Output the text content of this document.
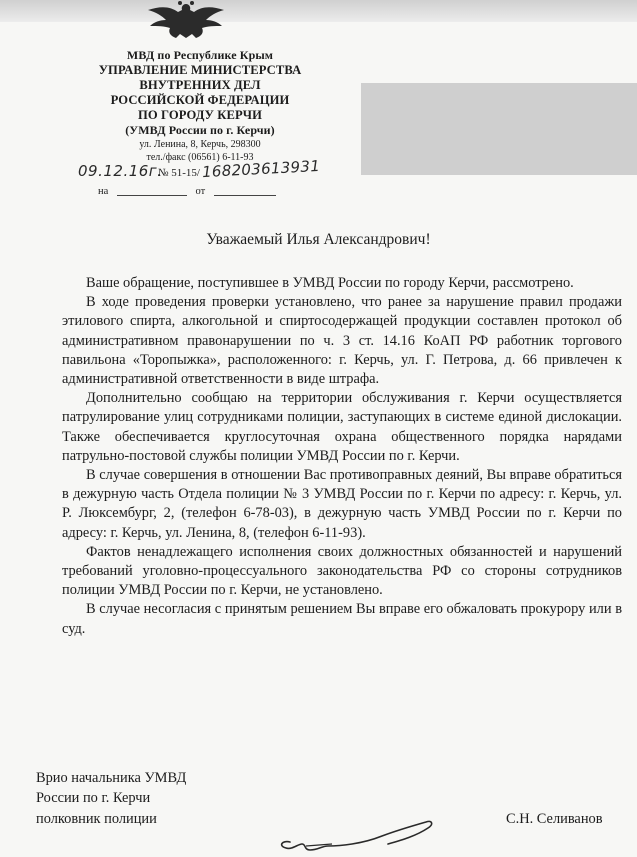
МВД по Республике Крым
УПРАВЛЕНИЕ МИНИСТЕРСТВА
ВНУТРЕННИХ ДЕЛ
РОССИЙСКОЙ ФЕДЕРАЦИИ
ПО ГОРОДУ КЕРЧИ
(УМВД России по г. Керчи)
ул. Ленина, 8, Керчь, 298300
тел./факс (06561) 6-11-93
09.12.16г.
№ 51-15/ 168203613931
на	от
Уважаемый Илья Александрович!

Ваше обращение, поступившее в УМВД России по городу Керчи, рассмотрено.

В ходе проведения проверки установлено, что ранее за нарушение правил продажи этилового спирта, алкогольной и спиртосодержащей продукции составлен протокол об административном правонарушении по ч. 3 ст. 14.16 КоАП РФ работник торгового павильона «Торопыжка», расположенного: г. Керчь, ул. Г. Петрова, д. 66 привлечен к административной ответственности в виде штрафа.

Дополнительно сообщаю на территории обслуживания г. Керчи осуществляется патрулирование улиц сотрудниками полиции, заступающих в системе единой дислокации. Также обеспечивается круглосуточная охрана общественного порядка нарядами патрульно-постовой службы полиции УМВД России по г. Керчи.

В случае совершения в отношении Вас противоправных деяний, Вы вправе обратиться в дежурную часть Отдела полиции № 3 УМВД России по г. Керчи по адресу: г. Керчь, ул. Р. Люксембург, 2, (телефон 6-78-03), в дежурную часть УМВД России по г. Керчи по адресу: г. Керчь, ул. Ленина, 8, (телефон 6-11-93).

Фактов ненадлежащего исполнения своих должностных обязанностей и нарушений требований уголовно-процессуального законодательства РФ со стороны сотрудников полиции УМВД России по г. Керчи, не установлено.

В случае несогласия с принятым решением Вы вправе его обжаловать прокурору или в суд.

Врио начальника УМВД
России по г. Керчи
полковник полиции	С.Н. Селиванов
